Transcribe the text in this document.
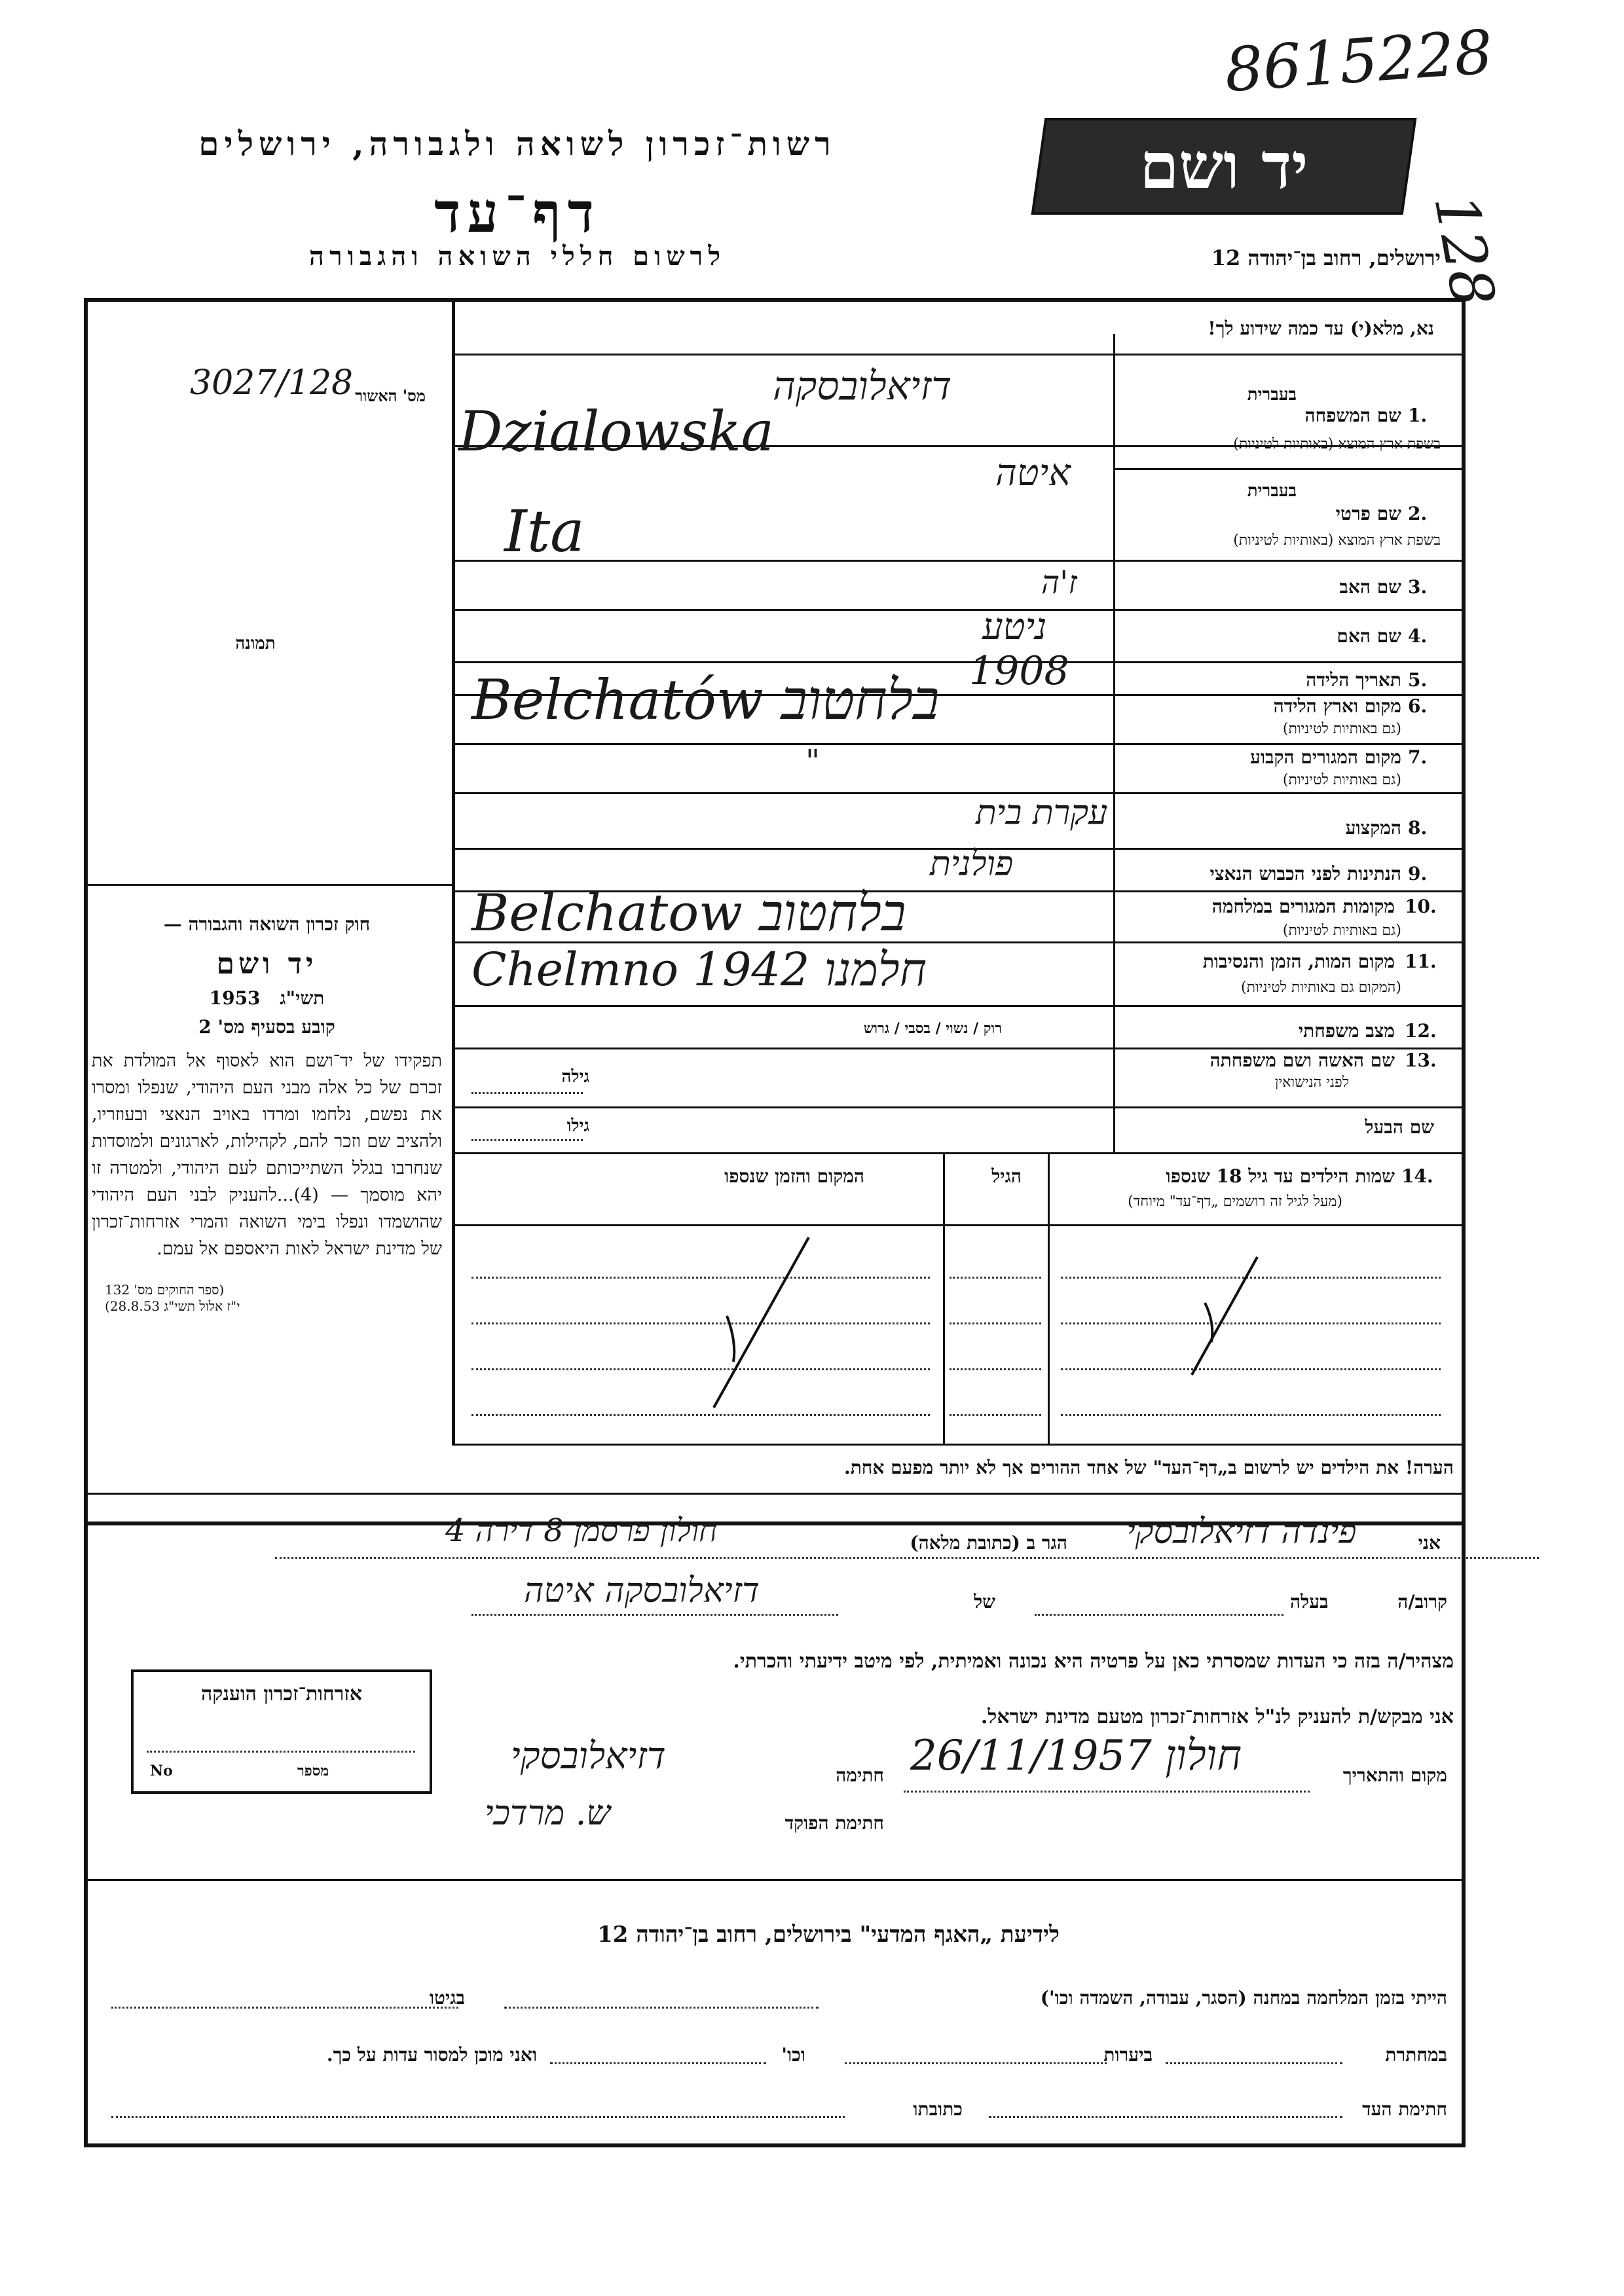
8615228
128
רשות־זכרון לשואה ולגבורה, ירושלים
דף־עד
לרשום חללי השואה והגבורה
יד ושם
ירושלים, רחוב בן־יהודה 12
נא, מלא(י) עד כמה שידוע לך!
3027/128 מס' האשור
תמונה
1.
שם המשפחה
בשפת ארץ המוצא (באותיות לטיניות)
בעברית
דזיאלובסקה
Dzialowska
2.
שם פרטי
בשפת ארץ המוצא (באותיות לטיניות)
בעברית
איטה
Ita
3.
שם האב
ז'ה
4.
שם האם
ניטע
5.
תאריך הלידה
1908
6.
מקום וארץ הלידה
(גם באותיות לטיניות)
Belchatów בלחטוב
7.
מקום המגורים הקבוע
(גם באותיות לטיניות)
"
8.
המקצוע
עקרת בית
9.
הנתינות לפני הכבוש הנאצי
פולנית
10.
מקומות המגורים במלחמה
(גם באותיות לטיניות)
Belchatow בלחטוב
11.
מקום המות, הזמן והנסיבות
(המקום גם באותיות לטיניות)
Chelmno 1942 חלמנו
12.
מצב משפחתי
רוק / נשוי / בסבי / גרוש
13.
שם האשה ושם משפחתה
לפני הנישואין
גילה
שם הבעל
גילו
14.
שמות הילדים עד גיל 18 שנספו
(מעל לגיל זה רושמים „דף־עד" מיוחד)
הגיל
המקום והזמן שנספו
הערה! את הילדים יש לרשום ב„דף־העד" של אחד ההורים אך לא יותר מפעם אחת.
חוק זכרון השואה והגבורה —
יד ושם
תשי"ג 1953
קובע בסעיף מס' 2
תפקידו של יד־ושם הוא לאסוף אל המולדת את זכרם של כל אלה מבני העם היהודי, שנפלו ומסרו את נפשם, נלחמו ומרדו באויב הנאצי ובעוזריו, ולהציב שם וזכר להם, לקהילות, לארגונים ולמוסדות שנחרבו בגלל השתייכותם לעם היהודי, ולמטרה זו יהא מוסמך — (4)...להעניק לבני העם היהודי שהושמדו ונפלו בימי השואה והמרי אזרחות־זכרון של מדינת ישראל לאות היאספם אל עמם.
(ספר החוקים מס' 132
י"ז אלול תשי"ג 28.8.53)
אני
פינדה דזיאלובסקי
הגר ב (כתובת מלאה)
חולון פרסמן 8 דירה 4
קרוב/ה
בעלה
של
דזיאלובסקה איטה
מצהיר/ה בזה כי העדות שמסרתי כאן על פרטיה היא נכונה ואמיתית, לפי מיטב ידיעתי והכרתי.
אני מבקש/ת להעניק לנ"ל אזרחות־זכרון מטעם מדינת ישראל.
מקום והתאריך
חולון 26/11/1957
חתימה
דזיאלובסקי
חתימת הפוקד
ש. מרדכי
אזרחות־זכרון הוענקה
No	מספר
לידיעת „האגף המדעי" בירושלים, רחוב בן־יהודה 12
הייתי בזמן המלחמה במחנה (הסגר, עבודה, השמדה וכו')
בגיטו
במחתרת
ביערות
וכו'
ואני מוכן למסור עדות על כך.
חתימת העד
כתובתו
